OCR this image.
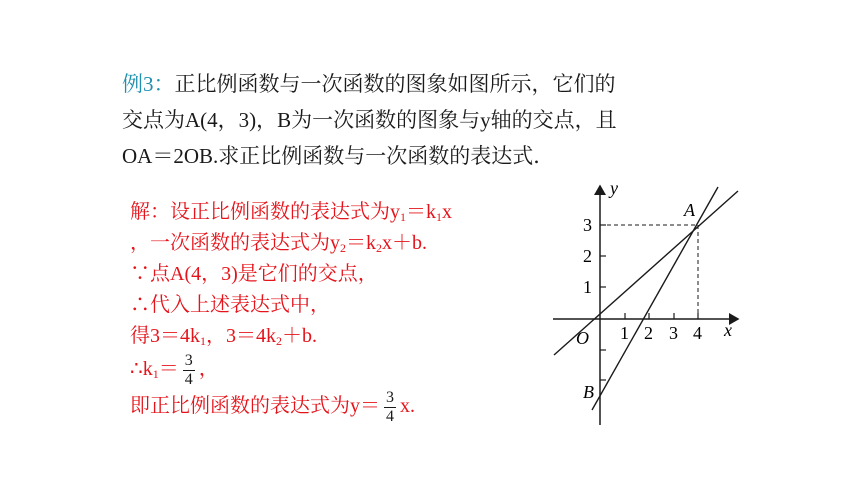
例3：正比例函数与一次函数的图象如图所示，它们的
交点为A(4，3)，B为一次函数的图象与y轴的交点，且
OA＝2OB.求正比例函数与一次函数的表达式．
解：设正比例函数的表达式为$y_1=k_1x$
，一次函数的表达式为$y_2=k_2x+b$.
∵点A(4，3)是它们的交点，
∴代入上述表达式中，
得$3=4k_1$，$3=4k_2+b$.
$\therefore k_1= \frac{3}{4}$ ，
即正比例函数的表达式为$y= \frac{3}{4} x$.
y
x
O
A
B
1 2 3 4
1
2
3
